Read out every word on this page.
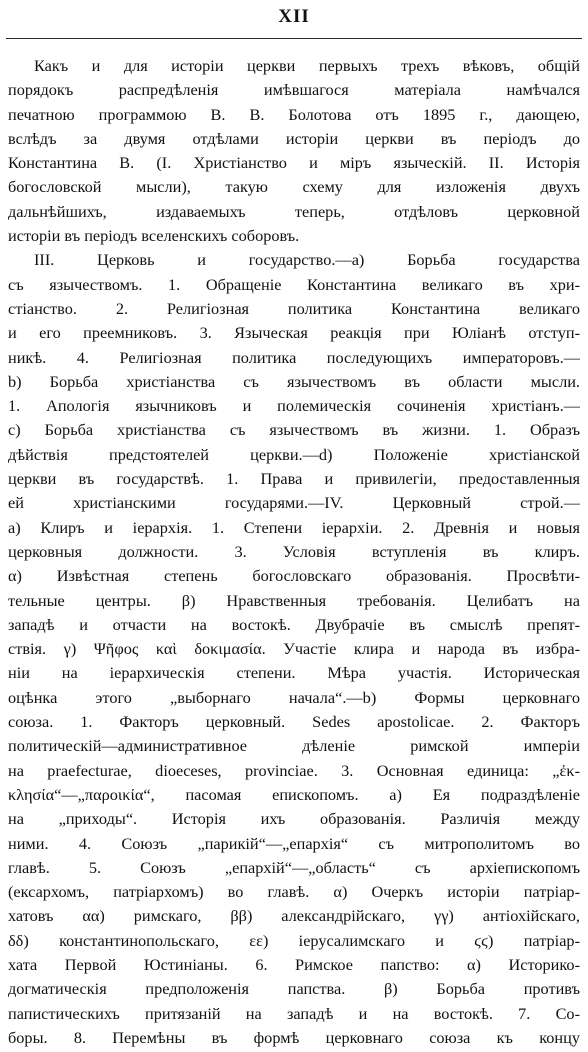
XII
Какъ и для исторiи церкви первыхъ трехъ вѣковъ, общiй
порядокъ распредѣленiя имѣвшагося матерiала намѣчался
печатною программою В. В. Болотова отъ 1895 г., дающею,
вслѣдъ за двумя отдѣлами исторiи церкви въ перiодъ до
Константина В. (I. Христiанство и мiръ языческiй. II. Исторiя
богословской мысли), такую схему для изложенiя двухъ
дальнѣйшихъ, издаваемыхъ теперь, отдѣловъ церковной
исторiи въ перiодъ вселенскихъ соборовъ.
III. Церковь и государство.—a) Борьба государства
съ язычествомъ. 1. Обращенiе Константина великаго въ хри-
стiанство. 2. Религiозная политика Константина великаго
и его преемниковъ. 3. Языческая реакцiя при Юлiанѣ отступ-
никѣ. 4. Религiозная политика последующихъ императоровъ.—
b) Борьба христiанства съ язычествомъ въ области мысли.
1. Апологiя язычниковъ и полемическiя сочиненiя христiанъ.—
c) Борьба христiанства съ язычествомъ въ жизни. 1. Образъ
дѣйствiя предстоятелей церкви.—d) Положенiе христiанской
церкви въ государствѣ. 1. Права и привилегiи, предоставленныя
ей христiанскими государями.—IV. Церковный строй.—
a) Клиръ и iерархiя. 1. Степени iерархiи. 2. Древнiя и новыя
церковныя должности. 3. Условiя вступленiя въ клиръ.
α) Извѣстная степень богословскаго образованiя. Просвѣти-
тельные центры. β) Нравственныя требованiя. Целибатъ на
западѣ и отчасти на востокѣ. Двубрачiе въ смыслѣ препят-
ствiя. γ) Ψῆφος καὶ δοκιμασία. Участiе клира и народа въ избра-
нiи на iерархическiя степени. Мѣра участiя. Историческая
оцѣнка этого „выборнаго начала“.—b) Формы церковнаго
союза. 1. Факторъ церковный. Sedes apostolicae. 2. Факторъ
политическiй—административное дѣленiе римской имперiи
на praefecturae, dioeceses, provinciae. 3. Основная единица: „ἐκ-
κλησία“—„παροικία“, пасомая епископомъ. a) Ея подраздѣленiе
на „приходы“. Исторiя ихъ образованiя. Различiя между
ними. 4. Союзъ „парикiй“—„епархiя“ съ митрополитомъ во
главѣ. 5. Союзъ „епархiй“—„область“ съ архiепископомъ
(ексархомъ, патрiархомъ) во главѣ. α) Очеркъ исторiи патрiар-
хатовъ αα) римскаго, ββ) александрiйскаго, γγ) антiохiйскаго,
δδ) константинопольскаго, εε) iерусалимскаго и ϛϛ) патрiар-
хата Первой Юстинiаны. 6. Римское папство: α) Историко-
догматическiя предположенiя папства. β) Борьба противъ
папистическихъ притязанiй на западѣ и на востокѣ. 7. Со-
боры. 8. Перемѣны въ формѣ церковнаго союза къ концу
